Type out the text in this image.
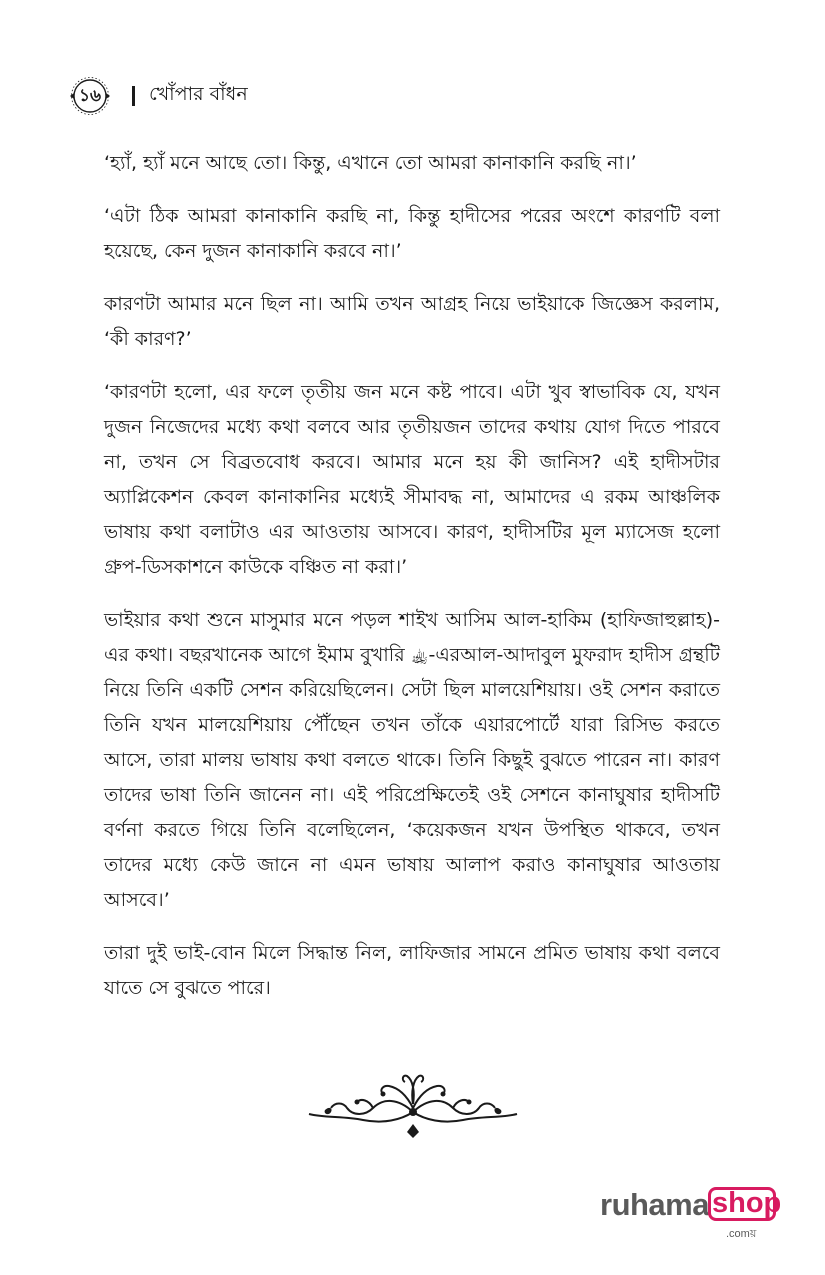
১৬	খোঁপার বাঁধন

‘হ্যাঁ, হ্যাঁ মনে আছে তো। কিন্তু, এখানে তো আমরা কানাকানি করছি না।’

‘এটা ঠিক আমরা কানাকানি করছি না, কিন্তু হাদীসের পরের অংশে কারণটি বলা হয়েছে, কেন দুজন কানাকানি করবে না।’

কারণটা আমার মনে ছিল না। আমি তখন আগ্রহ নিয়ে ভাইয়াকে জিজ্ঞেস করলাম, ‘কী কারণ?’

‘কারণটা হলো, এর ফলে তৃতীয় জন মনে কষ্ট পাবে। এটা খুব স্বাভাবিক যে, যখন দুজন নিজেদের মধ্যে কথা বলবে আর তৃতীয়জন তাদের কথায় যোগ দিতে পারবে না, তখন সে বিব্রতবোধ করবে। আমার মনে হয় কী জানিস? এই হাদীসটার অ্যাপ্লিকেশন কেবল কানাকানির মধ্যেই সীমাবদ্ধ না, আমাদের এ রকম আঞ্চলিক ভাষায় কথা বলাটাও এর আওতায় আসবে। কারণ, হাদীসটির মূল ম্যাসেজ হলো গ্রুপ-ডিসকাশনে কাউকে বঞ্চিত না করা।’

ভাইয়ার কথা শুনে মাসুমার মনে পড়ল শাইখ আসিম আল-হাকিম (হাফিজাহুল্লাহ)-এর কথা। বছরখানেক আগে ইমাম বুখারি ﵀-এরআল-আদাবুল মুফরাদ হাদীস গ্রন্থটি নিয়ে তিনি একটি সেশন করিয়েছিলেন। সেটা ছিল মালয়েশিয়ায়। ওই সেশন করাতে তিনি যখন মালয়েশিয়ায় পৌঁছেন তখন তাঁকে এয়ারপোর্টে যারা রিসিভ করতে আসে, তারা মালয় ভাষায় কথা বলতে থাকে। তিনি কিছুই বুঝতে পারেন না। কারণ তাদের ভাষা তিনি জানেন না। এই পরিপ্রেক্ষিতেই ওই সেশনে কানাঘুষার হাদীসটি বর্ণনা করতে গিয়ে তিনি বলেছিলেন, ‘কয়েকজন যখন উপস্থিত থাকবে, তখন তাদের মধ্যে কেউ জানে না এমন ভাষায় আলাপ করাও কানাঘুষার আওতায় আসবে।’

তারা দুই ভাই-বোন মিলে সিদ্ধান্ত নিল, লাফিজার সামনে প্রমিত ভাষায় কথা বলবে যাতে সে বুঝতে পারে।

ruhama shop
.comয়
